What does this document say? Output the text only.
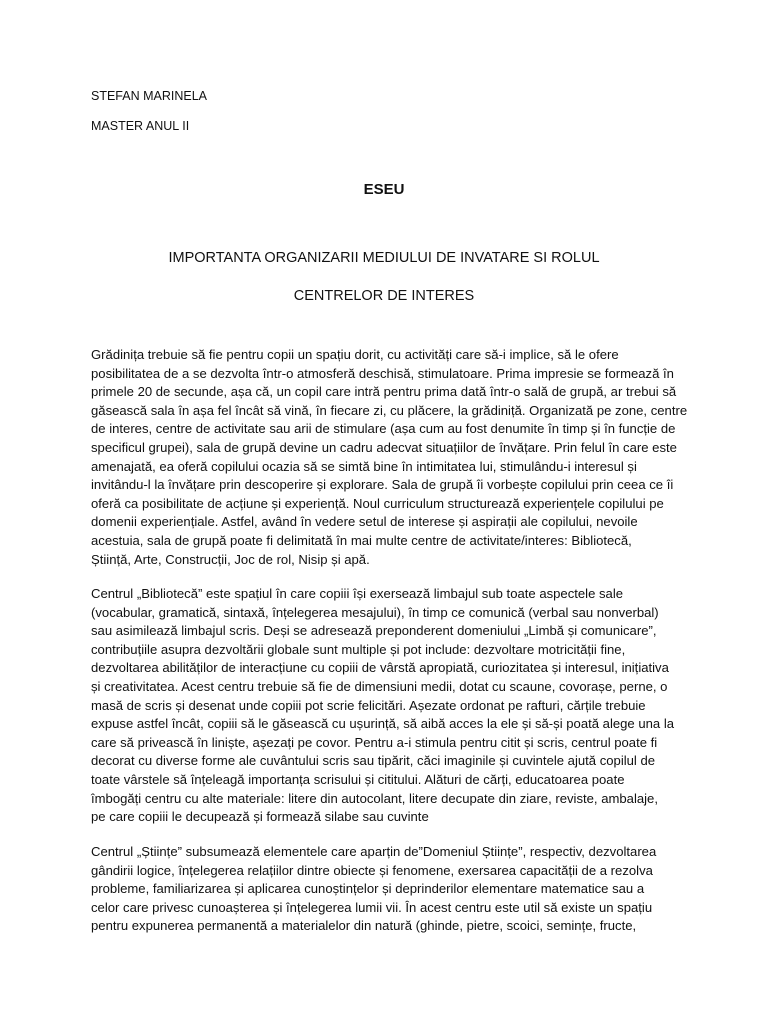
STEFAN MARINELA
MASTER ANUL II
ESEU
IMPORTANTA ORGANIZARII MEDIULUI DE INVATARE SI ROLUL
CENTRELOR DE INTERES
Grădinița trebuie să fie pentru copii un spațiu dorit, cu activități care să-i implice, să le ofere
posibilitatea de a se dezvolta într-o atmosferă deschisă, stimulatoare. Prima impresie se formează în
primele 20 de secunde, așa că, un copil care intră pentru prima dată într-o sală de grupă, ar trebui să
găsească sala în așa fel încât să vină, în fiecare zi, cu plăcere, la grădiniță. Organizată pe zone, centre
de interes, centre de activitate sau arii de stimulare (așa cum au fost denumite în timp și în funcție de
specificul grupei), sala de grupă devine un cadru adecvat situațiilor de învățare. Prin felul în care este
amenajată, ea oferă copilului ocazia să se simtă bine în intimitatea lui, stimulându-i interesul și
invitându-l la învățare prin descoperire și explorare. Sala de grupă îi vorbește copilului prin ceea ce îi
oferă ca posibilitate de acțiune și experiență. Noul curriculum structurează experiențele copilului pe
domenii experiențiale. Astfel, având în vedere setul de interese și aspirații ale copilului, nevoile
acestuia, sala de grupă poate fi delimitată în mai multe centre de activitate/interes: Bibliotecă,
Știință, Arte, Construcții, Joc de rol, Nisip și apă.
Centrul „Bibliotecă” este spațiul în care copiii își exersează limbajul sub toate aspectele sale
(vocabular, gramatică, sintaxă, înțelegerea mesajului), în timp ce comunică (verbal sau nonverbal)
sau asimilează limbajul scris. Deși se adresează preponderent domeniului „Limbă și comunicare”,
contribuțiile asupra dezvoltării globale sunt multiple și pot include: dezvoltare motricității fine,
dezvoltarea abilităților de interacțiune cu copiii de vârstă apropiată, curiozitatea și interesul, inițiativa
și creativitatea. Acest centru trebuie să fie de dimensiuni medii, dotat cu scaune, covorașe, perne, o
masă de scris și desenat unde copiii pot scrie felicitări. Așezate ordonat pe rafturi, cărțile trebuie
expuse astfel încât, copiii să le găsească cu ușurință, să aibă acces la ele și să-și poată alege una la
care să privească în liniște, așezați pe covor. Pentru a-i stimula pentru citit și scris, centrul poate fi
decorat cu diverse forme ale cuvântului scris sau tipărit, căci imaginile și cuvintele ajută copilul de
toate vârstele să înțeleagă importanța scrisului și cititului. Alături de cărți, educatoarea poate
îmbogăți centru cu alte materiale: litere din autocolant, litere decupate din ziare, reviste, ambalaje,
pe care copiii le decupează și formează silabe sau cuvinte
Centrul „Științe” subsumează elementele care aparțin de”Domeniul Științe”, respectiv, dezvoltarea
gândirii logice, înțelegerea relațiilor dintre obiecte și fenomene, exersarea capacității de a rezolva
probleme, familiarizarea și aplicarea cunoștințelor și deprinderilor elementare matematice sau a
celor care privesc cunoașterea și înțelegerea lumii vii. În acest centru este util să existe un spațiu
pentru expunerea permanentă a materialelor din natură (ghinde, pietre, scoici, semințe, fructe,
